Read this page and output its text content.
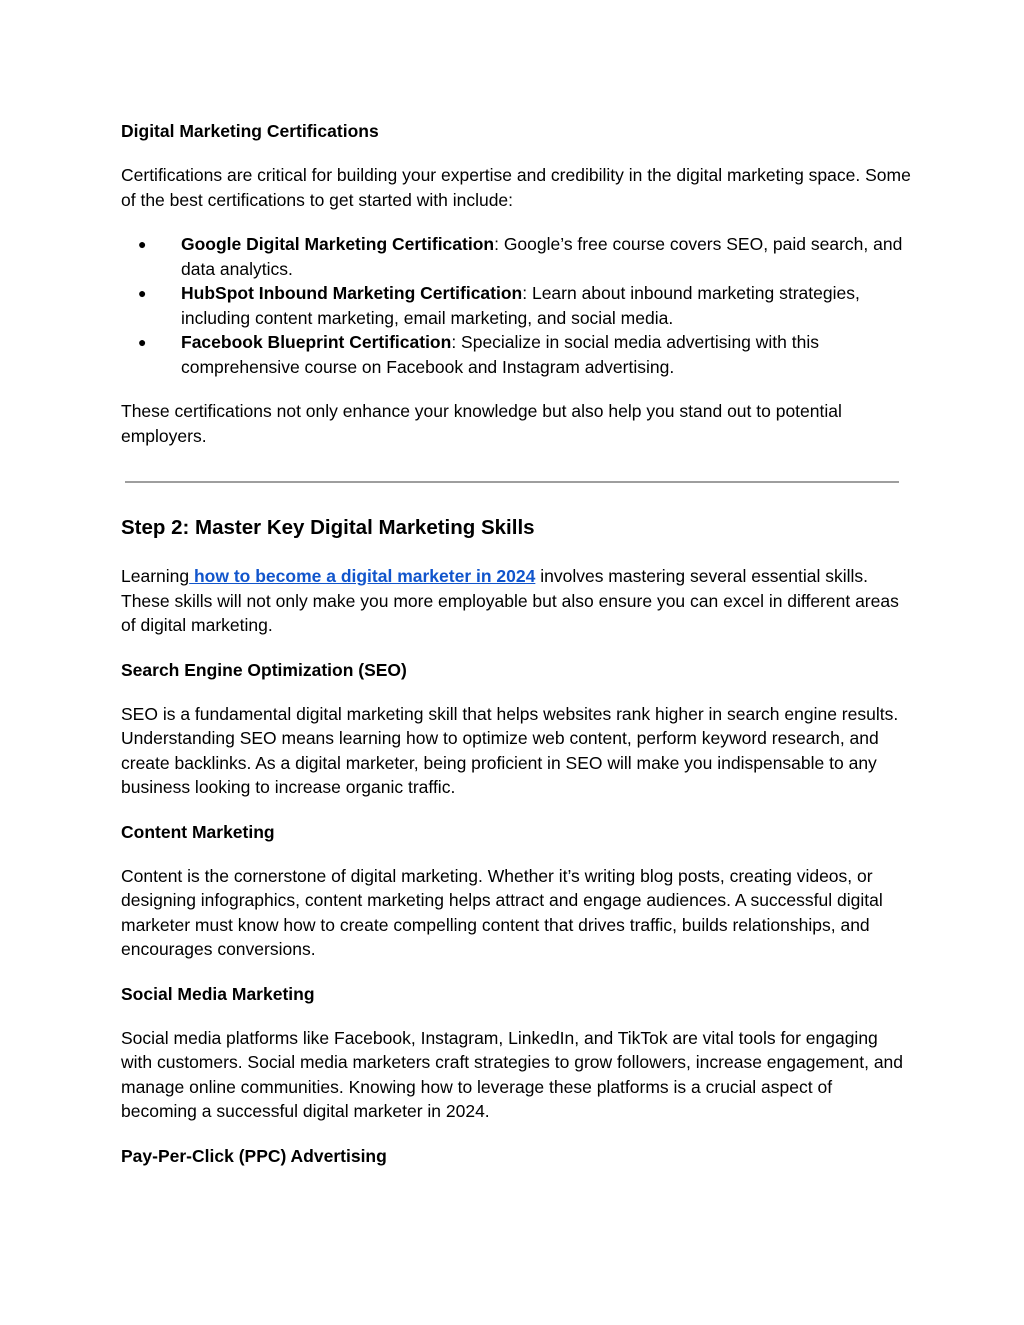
Digital Marketing Certifications
Certifications are critical for building your expertise and credibility in the digital marketing space. Some of the best certifications to get started with include:
● Google Digital Marketing Certification: Google’s free course covers SEO, paid search, and data analytics.
● HubSpot Inbound Marketing Certification: Learn about inbound marketing strategies, including content marketing, email marketing, and social media.
● Facebook Blueprint Certification: Specialize in social media advertising with this comprehensive course on Facebook and Instagram advertising.
These certifications not only enhance your knowledge but also help you stand out to potential employers.
Step 2: Master Key Digital Marketing Skills
Learning how to become a digital marketer in 2024 involves mastering several essential skills. These skills will not only make you more employable but also ensure you can excel in different areas of digital marketing.
Search Engine Optimization (SEO)
SEO is a fundamental digital marketing skill that helps websites rank higher in search engine results. Understanding SEO means learning how to optimize web content, perform keyword research, and create backlinks. As a digital marketer, being proficient in SEO will make you indispensable to any business looking to increase organic traffic.
Content Marketing
Content is the cornerstone of digital marketing. Whether it’s writing blog posts, creating videos, or designing infographics, content marketing helps attract and engage audiences. A successful digital marketer must know how to create compelling content that drives traffic, builds relationships, and encourages conversions.
Social Media Marketing
Social media platforms like Facebook, Instagram, LinkedIn, and TikTok are vital tools for engaging with customers. Social media marketers craft strategies to grow followers, increase engagement, and manage online communities. Knowing how to leverage these platforms is a crucial aspect of becoming a successful digital marketer in 2024.
Pay-Per-Click (PPC) Advertising
